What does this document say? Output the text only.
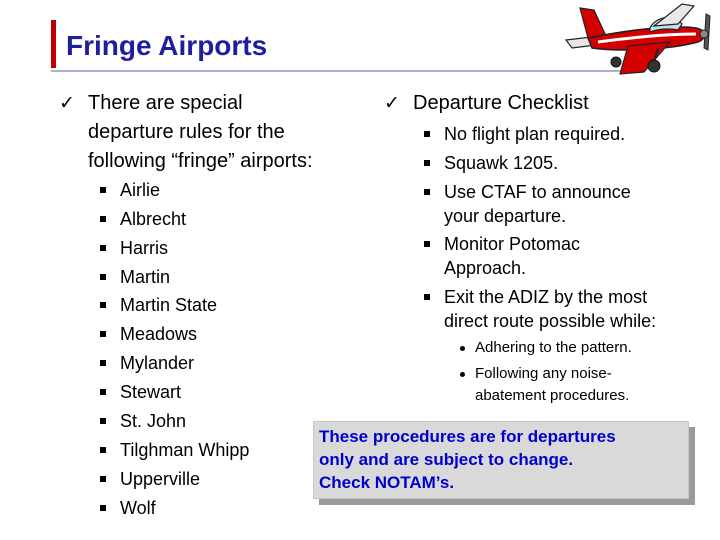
Fringe Airports
✓ There are special
departure rules for the
following “fringe” airports:
Airlie
Albrecht
Harris
Martin
Martin State
Meadows
Mylander
Stewart
St. John
Tilghman Whipp
Upperville
Wolf
✓ Departure Checklist
No flight plan required.
Squawk 1205.
Use CTAF to announce
your departure.
Monitor Potomac
Approach.
Exit the ADIZ by the most
direct route possible while:
Adhering to the pattern.
Following any noise-
abatement procedures.
These procedures are for departures
only and are subject to change.
Check NOTAM’s.
